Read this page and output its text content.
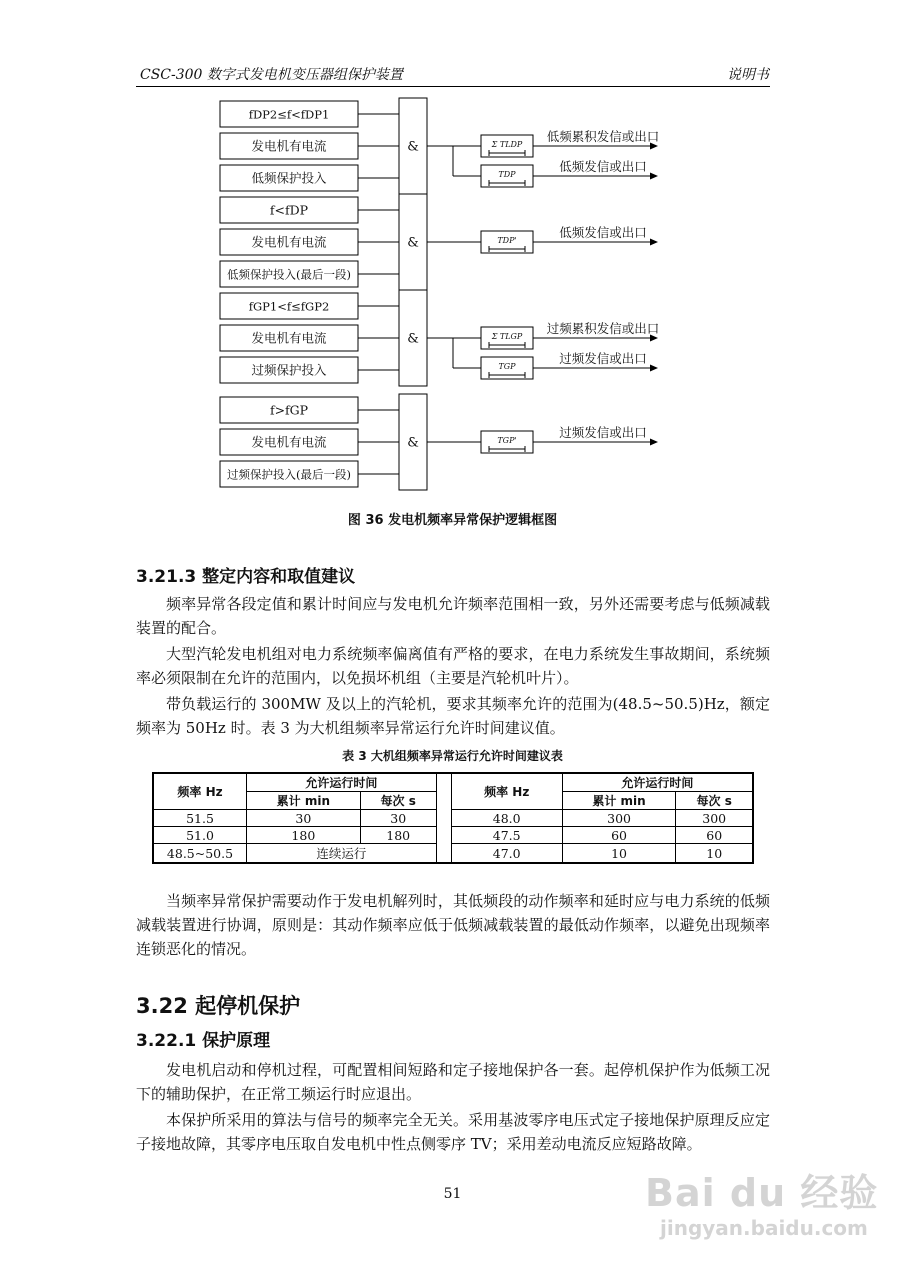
CSC-300 数字式发电机变压器组保护装置	说明书
fDP2≤f<fDP1
发电机有电流
低频保护投入
&	Σ TLDP
低频累积发信或出口
TDP
低频发信或出口
f<fDP
发电机有电流
低频保护投入(最后一段)
&	TDP'
低频发信或出口
fGP1<f≤fGP2
发电机有电流
过频保护投入
&	Σ TLGP
过频累积发信或出口
TGP
过频发信或出口
f>fGP
发电机有电流
过频保护投入(最后一段)
&	TGP'
过频发信或出口
图 36 发电机频率异常保护逻辑框图
3.21.3 整定内容和取值建议

频率异常各段定值和累计时间应与发电机允许频率范围相一致，另外还需要考虑与低频减载装置的配合。

大型汽轮发电机组对电力系统频率偏离值有严格的要求，在电力系统发生事故期间，系统频率必须限制在允许的范围内，以免损坏机组（主要是汽轮机叶片）。

带负载运行的 300MW 及以上的汽轮机，要求其频率允许的范围为(48.5~50.5)Hz，额定频率为 50Hz 时。表 3 为大机组频率异常运行允许时间建议值。

表 3 大机组频率异常运行允许时间建议表
频率 Hz	允许运行时间			频率 Hz	允许运行时间	
	累计 min	每次 s			累计 min	每次 s
51.5	30	30		48.0	300	300
51.0	180	180		47.5	60	60
48.5~50.5	连续运行			47.0	10	10

当频率异常保护需要动作于发电机解列时，其低频段的动作频率和延时应与电力系统的低频减载装置进行协调，原则是：其动作频率应低于低频减载装置的最低动作频率，以避免出现频率连锁恶化的情况。

3.22 起停机保护
3.22.1 保护原理

发电机启动和停机过程，可配置相间短路和定子接地保护各一套。起停机保护作为低频工况下的辅助保护，在正常工频运行时应退出。

本保护所采用的算法与信号的频率完全无关。采用基波零序电压式定子接地保护原理反应定子接地故障，其零序电压取自发电机中性点侧零序 TV；采用差动电流反应短路故障。

51	Bai du 经验
jingyan.baidu.com
